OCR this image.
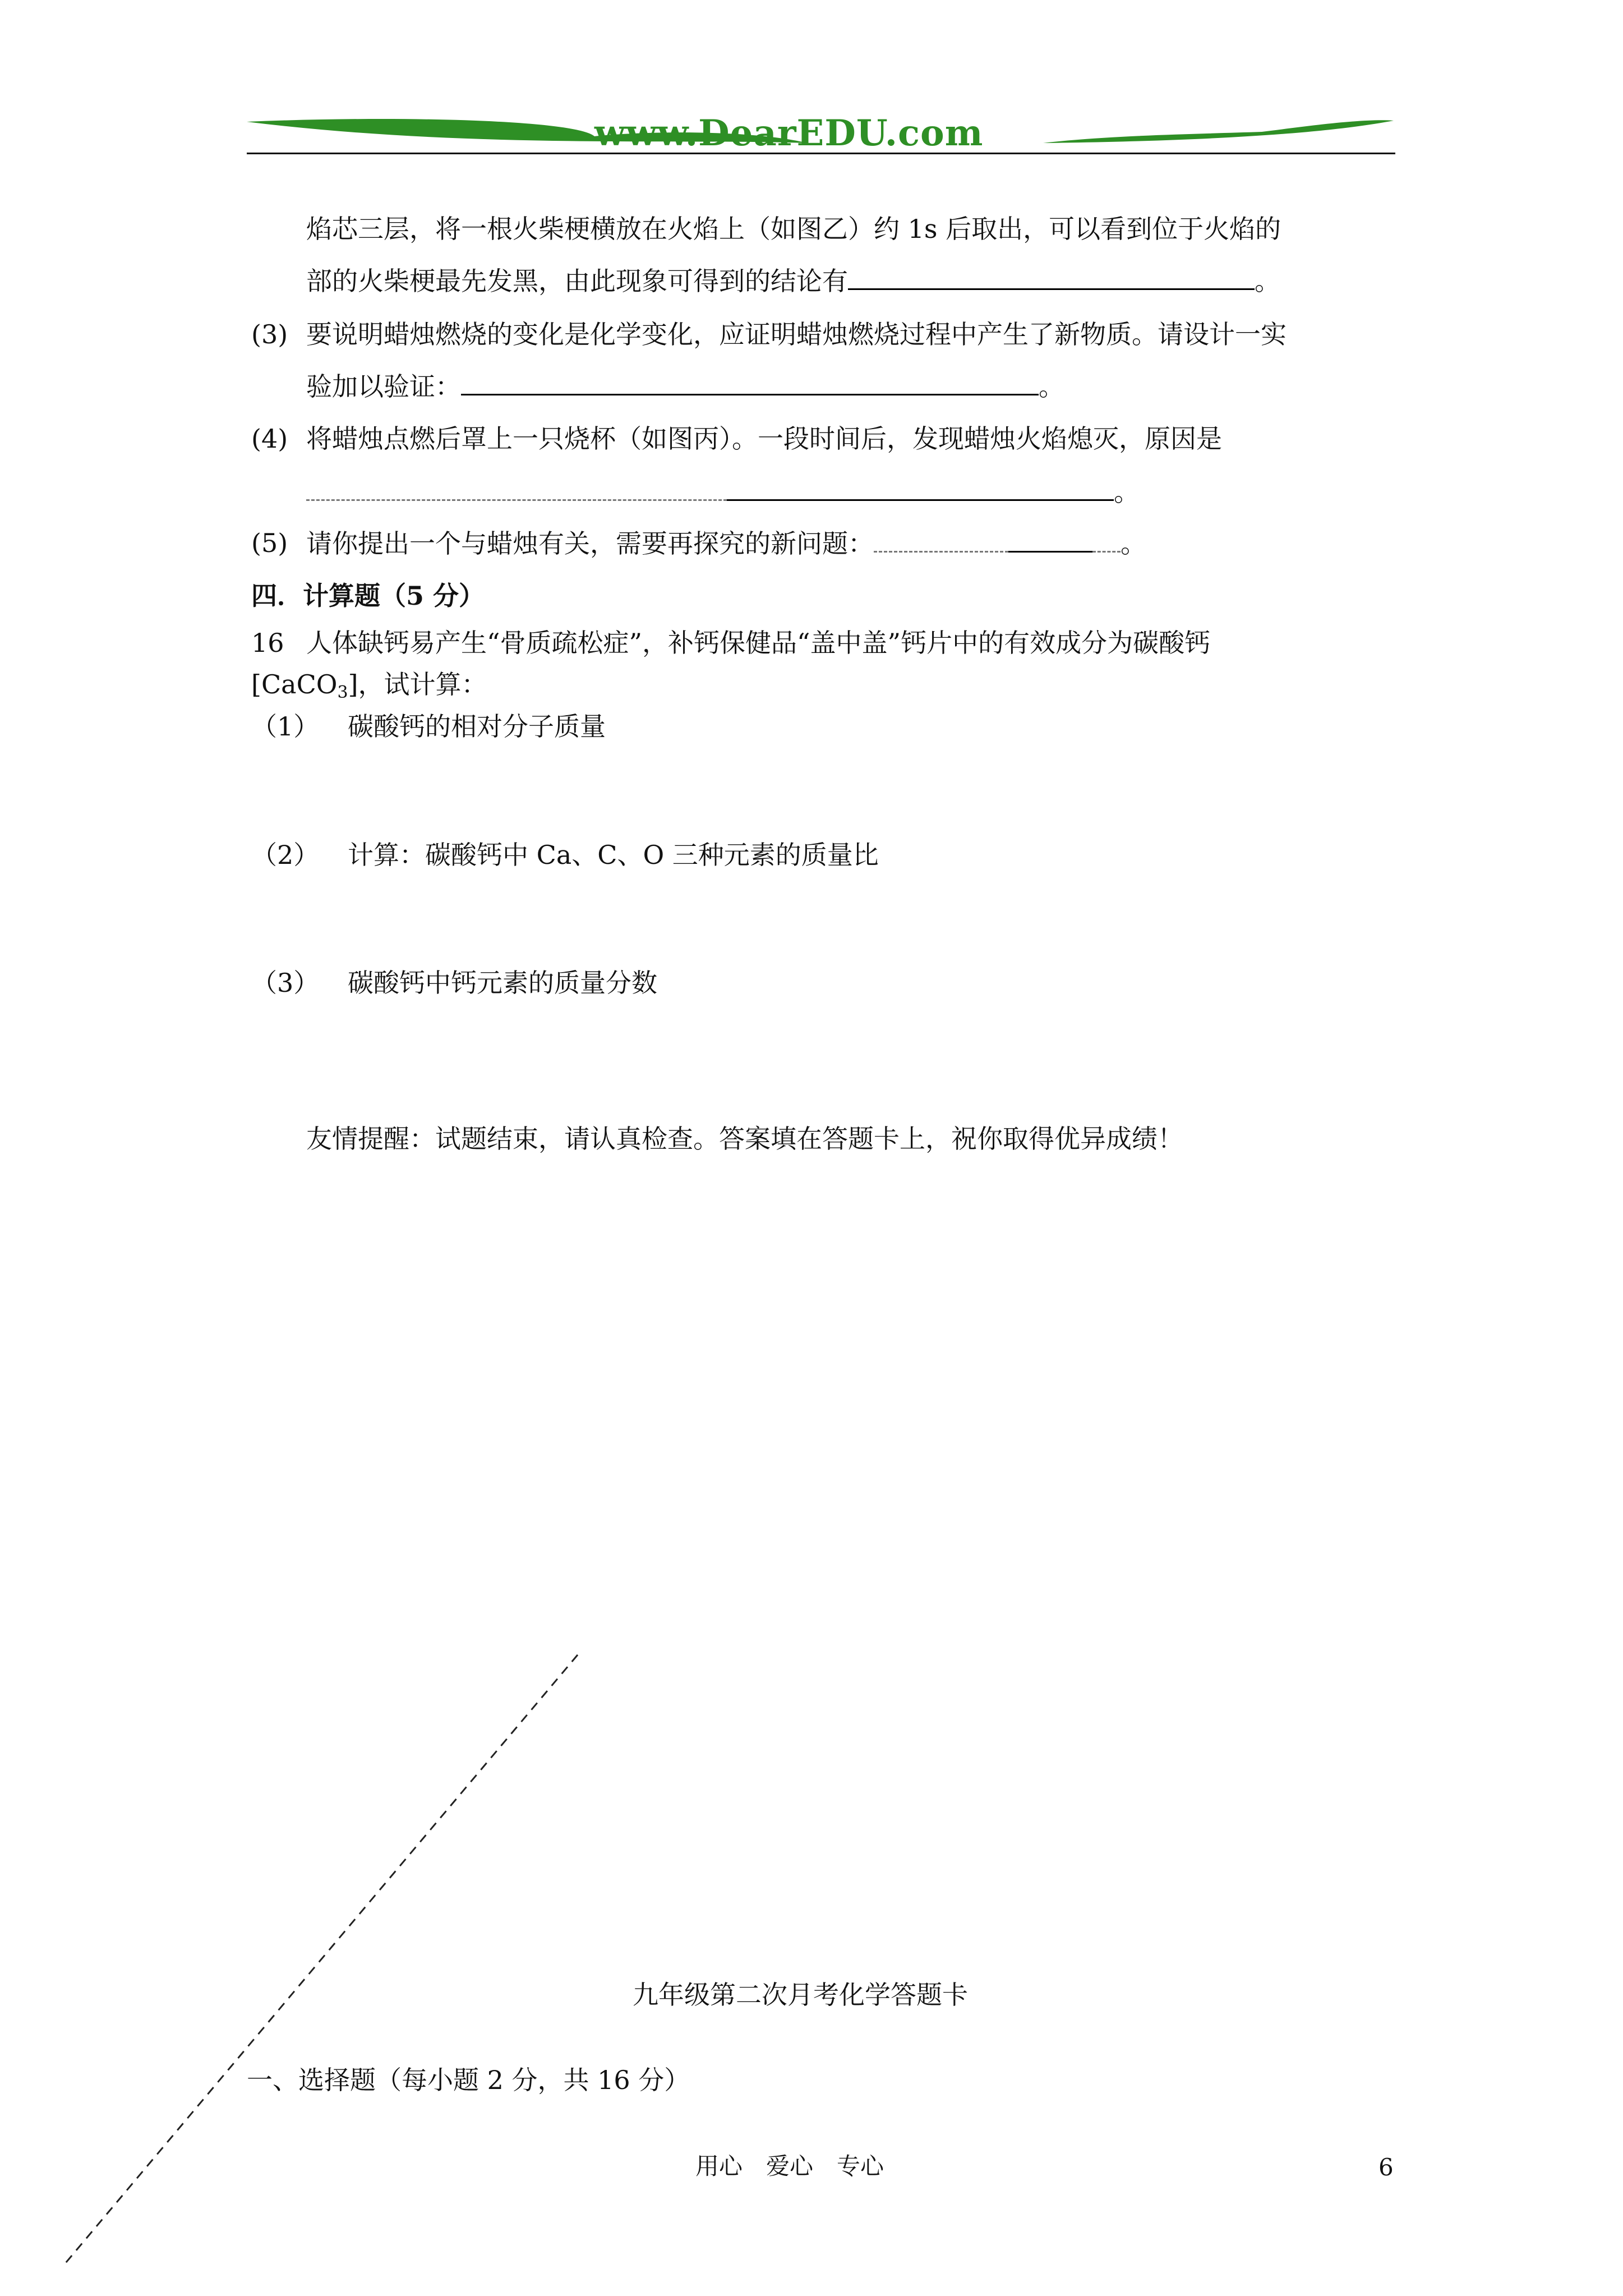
www.DearEDU.com
焰芯三层，将一根火柴梗横放在火焰上（如图乙）约 1s 后取出，可以看到位于火焰的
部的火柴梗最先发黑，由此现象可得到的结论有	。
(3) 要说明蜡烛燃烧的变化是化学变化，应证明蜡烛燃烧过程中产生了新物质。请设计一实
验加以验证：	。
(4) 将蜡烛点燃后罩上一只烧杯（如图丙）。一段时间后，发现蜡烛火焰熄灭，原因是
。
(5) 请你提出一个与蜡烛有关，需要再探究的新问题：	。
四．计算题（5 分）
16 人体缺钙易产生“骨质疏松症”，补钙保健品“盖中盖”钙片中的有效成分为碳酸钙
[CaCO$_3$]，试计算：
（1） 碳酸钙的相对分子质量
（2） 计算：碳酸钙中 Ca、C、O 三种元素的质量比
（3） 碳酸钙中钙元素的质量分数
友情提醒：试题结束，请认真检查。答案填在答题卡上，祝你取得优异成绩！
九年级第二次月考化学答题卡
一、选择题（每小题 2 分，共 16 分）
用心　爱心　专心	6
